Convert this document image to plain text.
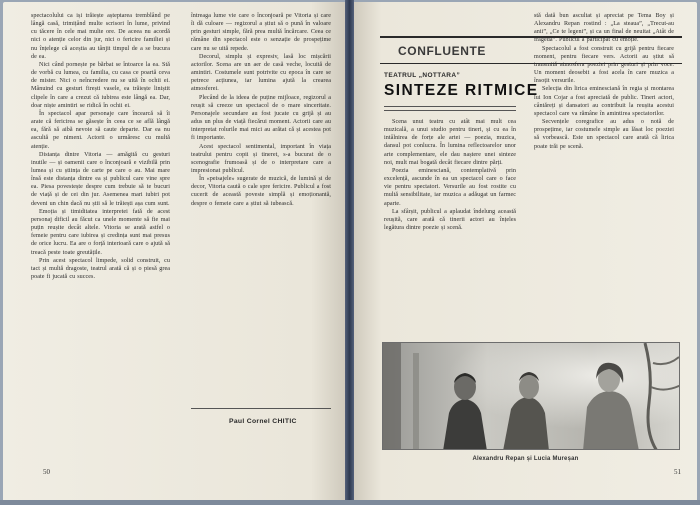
spectacolului ca iși trăiește așteptarea tremblând pe lângă casă, trimițând multe scrisori în lume, privind cu tăcere în cele mai multe ore. De aceea nu acordă nici o atenție celor din jur, nici o fericire familiei și nu înțelege că aceștia au tânjit timpul de a se bucura de ea.

Nici când pornește pe bărbat se întoarce la ea. Stă de vorbă cu lumea, cu familia, cu casa ce poartă ceva de mister. Nici o neîncredere nu se uită în ochii ei. Mânuind cu gesturi firești vasele, ea trăiește liniștit clipele în care a crezut că iubirea este lângă ea. Dar, doar niște amintiri se ridică în ochii ei.

În spectacol apar personaje care încearcă să îi arate că fericirea se găsește în ceea ce se află lângă ea, fără să aibă nevoie să caute departe. Dar ea nu ascultă pe nimeni. Actorii o urmăresc cu multă atenție.

Distanța dintre Vitoria — amăgită cu gesturi inutile — și oamenii care o înconjoară e vizibilă prin lumea și cu știința de carte pe care o au. Mai mare însă este distanța dintre ea și publicul care vine spre ea. Piesa povestește despre cum trebuie să te bucuri de viață și de cei din jur. Asemenea mari iubiri pot deveni un chin dacă nu știi să le trăiești așa cum sunt.

Emoția și timiditatea interpretei fată de acest personaj dificil au făcut ca unele momente să fie mai puțin reușite decât altele. Vitoria se arată astfel o femeie pentru care iubirea și credința sunt mai presus de orice lucru. Ea are o forță interioară care o ajută să treacă peste toate greutățile.

Prin acest spectacol limpede, solid construit, cu tact și multă dragoste, teatrul arată că și o piesă grea poate fi jucată cu succes.

întreaga lume vie care o înconjoară pe Vitoria și care îi dă culoare — regizorul a știut să o pună în valoare prin gesturi simple, fără prea multă încărcare. Ceea ce rămâne din spectacol este o senzație de prospețime care nu se uită repede.

Decorul, simplu și expresiv, lasă loc mișcării actorilor. Scena are un aer de casă veche, locuită de amintiri. Costumele sunt potrivite cu epoca în care se petrece acțiunea, iar lumina ajută la crearea atmosferei.

Plecând de la ideea de puține mijloace, regizorul a reușit să creeze un spectacol de o mare sinceritate. Personajele secundare au fost jucate cu grijă și au adus un plus de viață fiecărui moment. Actorii care au interpretat rolurile mai mici au arătat că și acestea pot fi importante.

Acest spectacol sentimental, important în viața teatrului pentru copii și tineret, s-a bucurat de o scenografie frumoasă și de o interpretare care a impresionat publicul.

În «peisajele» sugerate de muzică, de lumină și de decor, Vitoria caută o cale spre fericire. Publicul a fost cucerit de această poveste simplă și emoționantă, despre o femeie care a știut să iubească.

Paul Cornel CHITIC
50
CONFLUENTE
TEATRUL „NOTTARA”
SINTEZE RITMICE

Scena unui teatru cu atât mai mult cea muzicală, a unui studio pentru tineri, și cu ea în intâlnirea de forțe ale artei — poezia, muzica, dansul pot conlucra. În lumina reflectoarelor unor arte complementare, ele dau naștere unei sinteze noi, mult mai bogată decât fiecare dintre părți.

Poezia eminesciană, contemplativă prin excelență, ascunde în ea un spectacol care o face vie pentru spectatori. Versurile au fost rostite cu multă sensibilitate, iar muzica a adăugat un farmec aparte.

La sfârșit, publicul a aplaudat îndelung această reușită, care arată că tinerii actori au înțeles legătura dintre poezie și scenă.

stă dată bun ascultat și apreciat pe Tema Boy și Alexandru Repan rostind : „La steaua”, „Trecut-au anii”, „Ce te legeni”, și ca un final de neuitat „Atât de fragedă”. Publicul a participat cu emoție.

Spectacolul a fost construit cu grijă pentru fiecare moment, pentru fiecare vers. Actorii au știut să transmită atmosfera poeziei prin gesturi și prin voce. Un moment deosebit a fost acela în care muzica a însoțit versurile.

Selecția din lirica eminesciană în regia și montarea lui Ion Cojar a fost apreciată de public. Tineri actori, cântăreți și dansatori au contribuit la reușita acestui spectacol care va rămâne în amintirea spectatorilor.

Secvențele coregrafice au adus o notă de prospețime, iar costumele simple au lăsat loc poeziei să vorbească. Este un spectacol care arată că lirica poate trăi pe scenă.

Alexandru Repan și Lucia Mureșan
51
